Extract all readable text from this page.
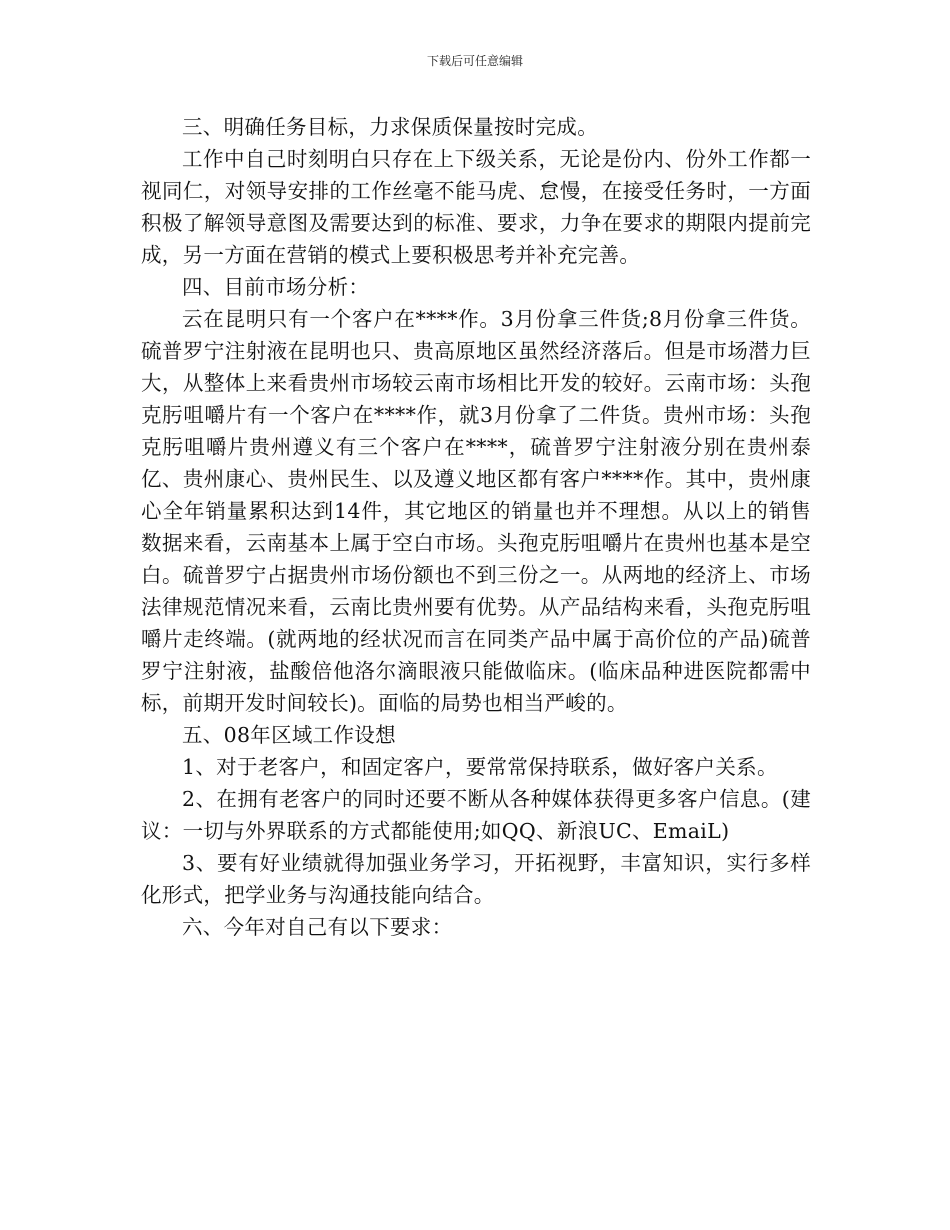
下载后可任意编辑

三、明确任务目标，力求保质保量按时完成。

工作中自己时刻明白只存在上下级关系，无论是份内、份外工作都一视同仁，对领导安排的工作丝毫不能马虎、怠慢，在接受任务时，一方面积极了解领导意图及需要达到的标准、要求，力争在要求的期限内提前完成，另一方面在营销的模式上要积极思考并补充完善。

四、目前市场分析：

云在昆明只有一个客户在****作。3月份拿三件货;8月份拿三件货。硫普罗宁注射液在昆明也只、贵高原地区虽然经济落后。但是市场潜力巨大，从整体上来看贵州市场较云南市场相比开发的较好。云南市场：头孢克肟咀嚼片有一个客户在****作，就3月份拿了二件货。贵州市场：头孢克肟咀嚼片贵州遵义有三个客户在****，硫普罗宁注射液分别在贵州泰亿、贵州康心、贵州民生、以及遵义地区都有客户****作。其中，贵州康心全年销量累积达到14件，其它地区的销量也并不理想。从以上的销售数据来看，云南基本上属于空白市场。头孢克肟咀嚼片在贵州也基本是空白。硫普罗宁占据贵州市场份额也不到三份之一。从两地的经济上、市场法律规范情况来看，云南比贵州要有优势。从产品结构来看，头孢克肟咀嚼片走终端。(就两地的经状况而言在同类产品中属于高价位的产品)硫普罗宁注射液，盐酸倍他洛尔滴眼液只能做临床。(临床品种进医院都需中标，前期开发时间较长)。面临的局势也相当严峻的。

五、08年区域工作设想

1、对于老客户，和固定客户，要常常保持联系，做好客户关系。

2、在拥有老客户的同时还要不断从各种媒体获得更多客户信息。(建议：一切与外界联系的方式都能使用;如QQ、新浪UC、EmaiL)

3、要有好业绩就得加强业务学习，开拓视野，丰富知识，实行多样化形式，把学业务与沟通技能向结合。

六、今年对自己有以下要求：
